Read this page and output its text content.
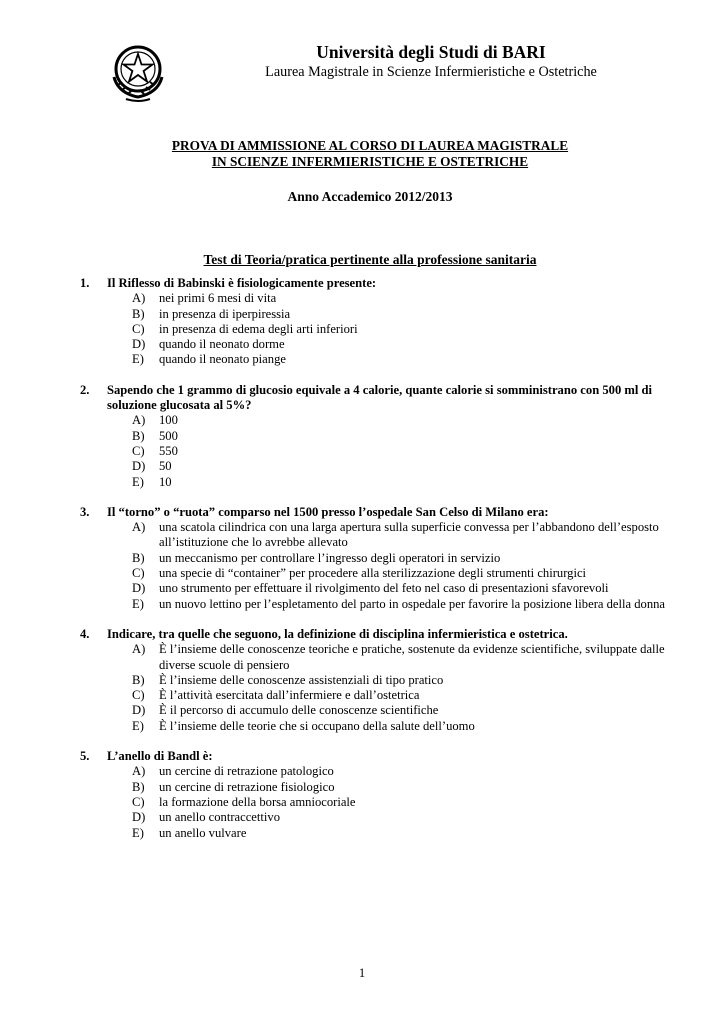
Università degli Studi di BARI
Laurea Magistrale in Scienze Infermieristiche e Ostetriche
PROVA DI AMMISSIONE AL CORSO DI LAUREA MAGISTRALE
IN SCIENZE INFERMIERISTICHE E OSTETRICHE
Anno Accademico 2012/2013
Test di Teoria/pratica pertinente alla professione sanitaria
1.	Il Riflesso di Babinski è fisiologicamente presente:
A)	nei primi 6 mesi di vita
B)	in presenza di iperpiressia
C)	in presenza di edema degli arti inferiori
D)	quando il neonato dorme
E)	quando il neonato piange
2.	Sapendo che 1 grammo di glucosio equivale a 4 calorie, quante calorie si somministrano con 500 ml di soluzione glucosata al 5%?
A)	100
B)	500
C)	550
D)	50
E)	10
3.	Il “torno” o “ruota” comparso nel 1500 presso l’ospedale San Celso di Milano era:
A)	una scatola cilindrica con una larga apertura sulla superficie convessa per l’abbandono dell’esposto all’istituzione che lo avrebbe allevato
B)	un meccanismo per controllare l’ingresso degli operatori in servizio
C)	una specie di “container” per procedere alla sterilizzazione degli strumenti chirurgici
D)	uno strumento per effettuare il rivolgimento del feto nel caso di presentazioni sfavorevoli
E)	un nuovo lettino per l’espletamento del parto in ospedale per favorire la posizione libera della donna
4.	Indicare, tra quelle che seguono, la definizione di disciplina infermieristica e ostetrica.
A)	È l’insieme delle conoscenze teoriche e pratiche, sostenute da evidenze scientifiche, sviluppate dalle diverse scuole di pensiero
B)	È l’insieme delle conoscenze assistenziali di tipo pratico
C)	È l’attività esercitata dall’infermiere e dall’ostetrica
D)	È il percorso di accumulo delle conoscenze scientifiche
E)	È l’insieme delle teorie che si occupano della salute dell’uomo
5.	L’anello di Bandl è:
A)	un cercine di retrazione patologico
B)	un cercine di retrazione fisiologico
C)	la formazione della borsa amniocoriale
D)	un anello contraccettivo
E)	un anello vulvare
1
